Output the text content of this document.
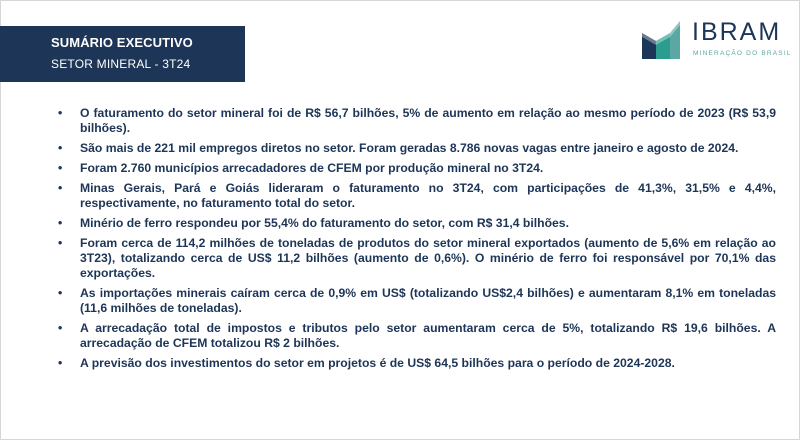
SUMÁRIO EXECUTIVO
SETOR MINERAL - 3T24
IBRAM
MINERAÇÃO DO BRASIL
• O faturamento do setor mineral foi de R$ 56,7 bilhões, 5% de aumento em relação ao mesmo período de 2023 (R$ 53,9 bilhões).
• São mais de 221 mil empregos diretos no setor. Foram geradas 8.786 novas vagas entre janeiro e agosto de 2024.
• Foram 2.760 municípios arrecadadores de CFEM por produção mineral no 3T24.
• Minas Gerais, Pará e Goiás lideraram o faturamento no 3T24, com participações de 41,3%, 31,5% e 4,4%, respectivamente, no faturamento total do setor.
• Minério de ferro respondeu por 55,4% do faturamento do setor, com R$ 31,4 bilhões.
• Foram cerca de 114,2 milhões de toneladas de produtos do setor mineral exportados (aumento de 5,6% em relação ao 3T23), totalizando cerca de US$ 11,2 bilhões (aumento de 0,6%). O minério de ferro foi responsável por 70,1% das exportações.
• As importações minerais caíram cerca de 0,9% em US$ (totalizando US$2,4 bilhões) e aumentaram 8,1% em toneladas (11,6 milhões de toneladas).
• A arrecadação total de impostos e tributos pelo setor aumentaram cerca de 5%, totalizando R$ 19,6 bilhões. A arrecadação de CFEM totalizou R$ 2 bilhões.
• A previsão dos investimentos do setor em projetos é de US$ 64,5 bilhões para o período de 2024-2028.
